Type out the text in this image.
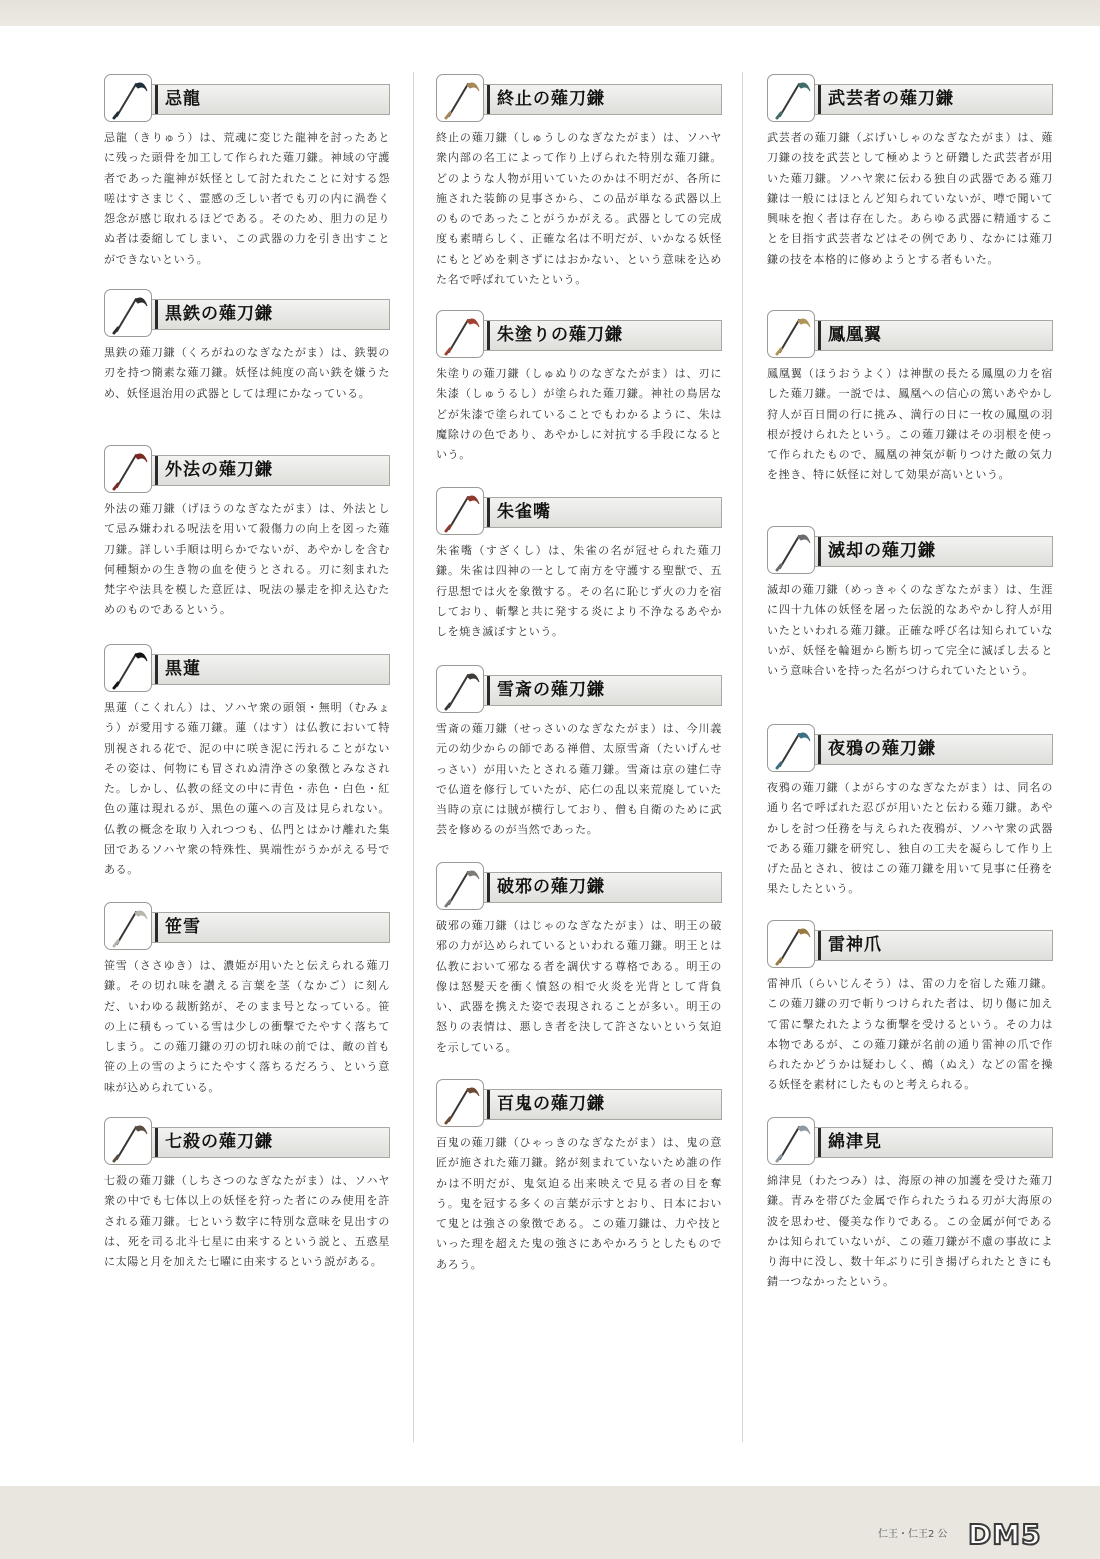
忌龍
忌龍（きりゅう）は、荒魂に変じた龍神を討ったあとに残った頭骨を加工して作られた薙刀鎌。神域の守護者であった龍神が妖怪として討たれたことに対する怨嗟はすさまじく、霊感の乏しい者でも刃の内に渦巻く怨念が感じ取れるほどである。そのため、胆力の足りぬ者は委縮してしまい、この武器の力を引き出すことができないという。
黒鉄の薙刀鎌
黒鉄の薙刀鎌（くろがねのなぎなたがま）は、鉄製の刃を持つ簡素な薙刀鎌。妖怪は純度の高い鉄を嫌うため、妖怪退治用の武器としては理にかなっている。
外法の薙刀鎌
外法の薙刀鎌（げほうのなぎなたがま）は、外法として忌み嫌われる呪法を用いて殺傷力の向上を図った薙刀鎌。詳しい手順は明らかでないが、あやかしを含む何種類かの生き物の血を使うとされる。刃に刻まれた梵字や法具を模した意匠は、呪法の暴走を抑え込むためのものであるという。
黒蓮
黒蓮（こくれん）は、ソハヤ衆の頭領・無明（むみょう）が愛用する薙刀鎌。蓮（はす）は仏教において特別視される花で、泥の中に咲き泥に汚れることがないその姿は、何物にも冒されぬ清浄さの象徴とみなされた。しかし、仏教の経文の中に青色・赤色・白色・紅色の蓮は現れるが、黒色の蓮への言及は見られない。仏教の概念を取り入れつつも、仏門とはかけ離れた集団であるソハヤ衆の特殊性、異端性がうかがえる号である。
笹雪
笹雪（ささゆき）は、濃姫が用いたと伝えられる薙刀鎌。その切れ味を讃える言葉を茎（なかご）に刻んだ、いわゆる裁断銘が、そのまま号となっている。笹の上に積もっている雪は少しの衝撃でたやすく落ちてしまう。この薙刀鎌の刃の切れ味の前では、敵の首も笹の上の雪のようにたやすく落ちるだろう、という意味が込められている。
七殺の薙刀鎌
七殺の薙刀鎌（しちさつのなぎなたがま）は、ソハヤ衆の中でも七体以上の妖怪を狩った者にのみ使用を許される薙刀鎌。七という数字に特別な意味を見出すのは、死を司る北斗七星に由来するという説と、五惑星に太陽と月を加えた七曜に由来するという説がある。
終止の薙刀鎌
終止の薙刀鎌（しゅうしのなぎなたがま）は、ソハヤ衆内部の名工によって作り上げられた特別な薙刀鎌。どのような人物が用いていたのかは不明だが、各所に施された装飾の見事さから、この品が単なる武器以上のものであったことがうかがえる。武器としての完成度も素晴らしく、正確な名は不明だが、いかなる妖怪にもとどめを刺さずにはおかない、という意味を込めた名で呼ばれていたという。
朱塗りの薙刀鎌
朱塗りの薙刀鎌（しゅぬりのなぎなたがま）は、刃に朱漆（しゅうるし）が塗られた薙刀鎌。神社の鳥居などが朱漆で塗られていることでもわかるように、朱は魔除けの色であり、あやかしに対抗する手段になるという。
朱雀嘴
朱雀嘴（すざくし）は、朱雀の名が冠せられた薙刀鎌。朱雀は四神の一として南方を守護する聖獣で、五行思想では火を象徴する。その名に恥じず火の力を宿しており、斬撃と共に発する炎により不浄なるあやかしを焼き滅ぼすという。
雪斎の薙刀鎌
雪斎の薙刀鎌（せっさいのなぎなたがま）は、今川義元の幼少からの師である禅僧、太原雪斎（たいげんせっさい）が用いたとされる薙刀鎌。雪斎は京の建仁寺で仏道を修行していたが、応仁の乱以来荒廃していた当時の京には賊が横行しており、僧も自衛のために武芸を修めるのが当然であった。
破邪の薙刀鎌
破邪の薙刀鎌（はじゃのなぎなたがま）は、明王の破邪の力が込められているといわれる薙刀鎌。明王とは仏教において邪なる者を調伏する尊格である。明王の像は怒髪天を衝く憤怒の相で火炎を光背として背負い、武器を携えた姿で表現されることが多い。明王の怒りの表情は、悪しき者を決して許さないという気迫を示している。
百鬼の薙刀鎌
百鬼の薙刀鎌（ひゃっきのなぎなたがま）は、鬼の意匠が施された薙刀鎌。銘が刻まれていないため誰の作かは不明だが、鬼気迫る出来映えで見る者の目を奪う。鬼を冠する多くの言葉が示すとおり、日本において鬼とは強さの象徴である。この薙刀鎌は、力や技といった理を超えた鬼の強さにあやかろうとしたものであろう。
武芸者の薙刀鎌
武芸者の薙刀鎌（ぶげいしゃのなぎなたがま）は、薙刀鎌の技を武芸として極めようと研鑽した武芸者が用いた薙刀鎌。ソハヤ衆に伝わる独自の武器である薙刀鎌は一般にはほとんど知られていないが、噂で聞いて興味を抱く者は存在した。あらゆる武器に精通することを目指す武芸者などはその例であり、なかには薙刀鎌の技を本格的に修めようとする者もいた。
鳳凰翼
鳳凰翼（ほうおうよく）は神獣の長たる鳳凰の力を宿した薙刀鎌。一説では、鳳凰への信心の篤いあやかし狩人が百日間の行に挑み、満行の日に一枚の鳳凰の羽根が授けられたという。この薙刀鎌はその羽根を使って作られたもので、鳳凰の神気が斬りつけた敵の気力を挫き、特に妖怪に対して効果が高いという。
滅却の薙刀鎌
滅却の薙刀鎌（めっきゃくのなぎなたがま）は、生涯に四十九体の妖怪を屠った伝説的なあやかし狩人が用いたといわれる薙刀鎌。正確な呼び名は知られていないが、妖怪を輪廻から断ち切って完全に滅ぼし去るという意味合いを持った名がつけられていたという。
夜鴉の薙刀鎌
夜鴉の薙刀鎌（よがらすのなぎなたがま）は、同名の通り名で呼ばれた忍びが用いたと伝わる薙刀鎌。あやかしを討つ任務を与えられた夜鴉が、ソハヤ衆の武器である薙刀鎌を研究し、独自の工夫を凝らして作り上げた品とされ、彼はこの薙刀鎌を用いて見事に任務を果たしたという。
雷神爪
雷神爪（らいじんそう）は、雷の力を宿した薙刀鎌。この薙刀鎌の刃で斬りつけられた者は、切り傷に加えて雷に撃たれたような衝撃を受けるという。その力は本物であるが、この薙刀鎌が名前の通り雷神の爪で作られたかどうかは疑わしく、鵺（ぬえ）などの雷を操る妖怪を素材にしたものと考えられる。
綿津見
綿津見（わたつみ）は、海原の神の加護を受けた薙刀鎌。青みを帯びた金属で作られたうねる刃が大海原の波を思わせ、優美な作りである。この金属が何であるかは知られていないが、この薙刀鎌が不慮の事故により海中に没し、数十年ぶりに引き揚げられたときにも錆一つなかったという。
仁王・仁王2 公 DM5
